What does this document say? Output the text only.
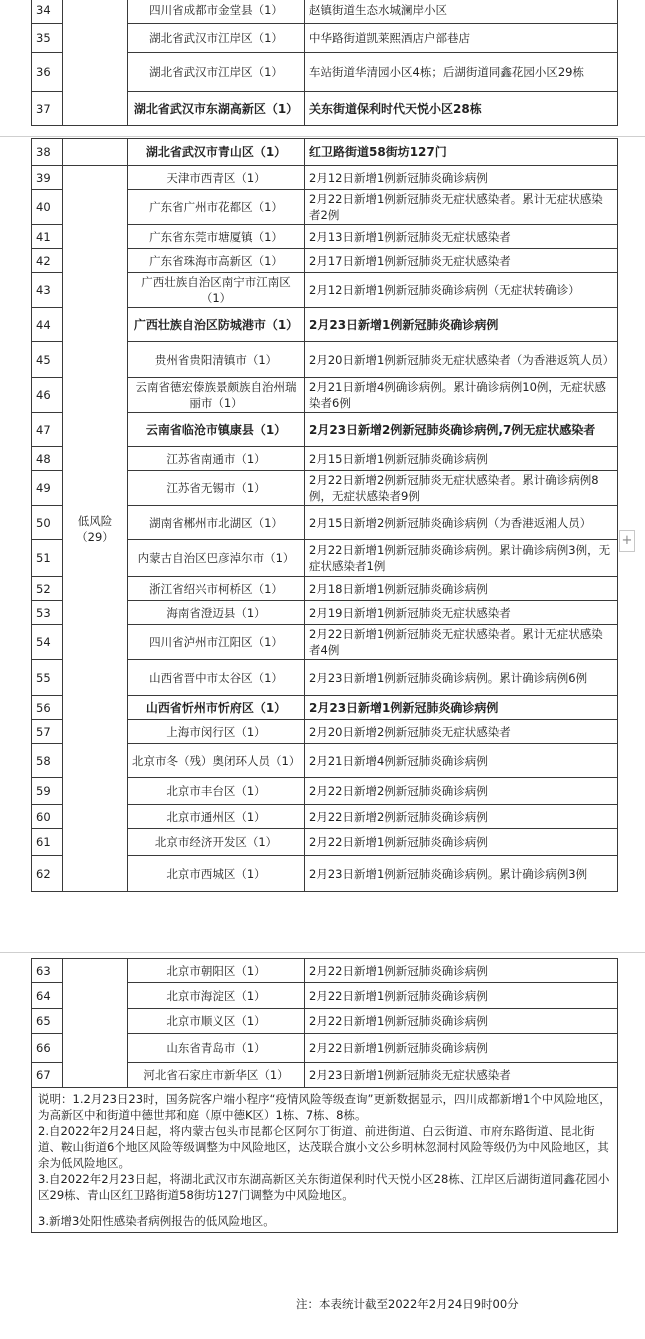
34		四川省成都市金堂县（1）	赵镇街道生态水城澜岸小区
35		湖北省武汉市江岸区（1）	中华路街道凯莱熙酒店户部巷店
36		湖北省武汉市江岸区（1）	车站街道华清园小区4栋；后湖街道同鑫花园小区29栋
37		湖北省武汉市东湖高新区（1）	关东街道保利时代天悦小区28栋
38		湖北省武汉市青山区（1）	红卫路街道58街坊127门
39	低风险（29）	天津市西青区（1）	2月12日新增1例新冠肺炎确诊病例
40		广东省广州市花都区（1）	2月22日新增1例新冠肺炎无症状感染者。累计无症状感染者2例
41		广东省东莞市塘厦镇（1）	2月13日新增1例新冠肺炎无症状感染者
42		广东省珠海市高新区（1）	2月17日新增1例新冠肺炎无症状感染者
43		广西壮族自治区南宁市江南区（1）	2月12日新增1例新冠肺炎确诊病例（无症状转确诊）
44		广西壮族自治区防城港市（1）	2月23日新增1例新冠肺炎确诊病例
45		贵州省贵阳清镇市（1）	2月20日新增1例新冠肺炎无症状感染者（为香港返筑人员）
46		云南省德宏傣族景颇族自治州瑞丽市（1）	2月21日新增4例确诊病例。累计确诊病例10例，无症状感染者6例
47		云南省临沧市镇康县（1）	2月23日新增2例新冠肺炎确诊病例,7例无症状感染者
48		江苏省南通市（1）	2月15日新增1例新冠肺炎确诊病例
49		江苏省无锡市（1）	2月22日新增2例新冠肺炎无症状感染者。累计确诊病例8例，无症状感染者9例
50		湖南省郴州市北湖区（1）	2月15日新增2例新冠肺炎确诊病例（为香港返湘人员）
51		内蒙古自治区巴彦淖尔市（1）	2月22日新增1例新冠肺炎确诊病例。累计确诊病例3例，无症状感染者1例
52		浙江省绍兴市柯桥区（1）	2月18日新增1例新冠肺炎确诊病例
53		海南省澄迈县（1）	2月19日新增1例新冠肺炎无症状感染者
54		四川省泸州市江阳区（1）	2月22日新增1例新冠肺炎无症状感染者。累计无症状感染者4例
55		山西省晋中市太谷区（1）	2月23日新增1例新冠肺炎确诊病例。累计确诊病例6例
56		山西省忻州市忻府区（1）	2月23日新增1例新冠肺炎确诊病例
57		上海市闵行区（1）	2月20日新增2例新冠肺炎无症状感染者
58		北京市冬（残）奥闭环人员（1）	2月21日新增4例新冠肺炎确诊病例
59		北京市丰台区（1）	2月22日新增2例新冠肺炎确诊病例
60		北京市通州区（1）	2月22日新增2例新冠肺炎确诊病例
61		北京市经济开发区（1）	2月22日新增1例新冠肺炎确诊病例
62		北京市西城区（1）	2月23日新增1例新冠肺炎确诊病例。累计确诊病例3例
63		北京市朝阳区（1）	2月22日新增1例新冠肺炎确诊病例
64		北京市海淀区（1）	2月22日新增1例新冠肺炎确诊病例
65		北京市顺义区（1）	2月22日新增1例新冠肺炎确诊病例
66		山东省青岛市（1）	2月22日新增1例新冠肺炎确诊病例
67		河北省石家庄市新华区（1）	2月23日新增1例新冠肺炎无症状感染者

说明：1.2月23日23时，国务院客户端小程序“疫情风险等级查询”更新数据显示，四川成都新增1个中风险地区，为高新区中和街道中德世邦和庭（原中德K区）1栋、7栋、8栋。
2.自2022年2月24日起，将内蒙古包头市昆都仑区阿尔丁街道、前进街道、白云街道、市府东路街道、昆北街道、鞍山街道6个地区风险等级调整为中风险地区，达茂联合旗小文公乡明林忽洞村风险等级仍为中风险地区，其余为低风险地区。
3.自2022年2月23日起，将湖北武汉市东湖高新区关东街道保利时代天悦小区28栋、江岸区后湖街道同鑫花园小区29栋、青山区红卫路街道58街坊127门调整为中风险地区。
3.新增3处阳性感染者病例报告的低风险地区。			
注：本表统计截至2022年2月24日9时00分
+
